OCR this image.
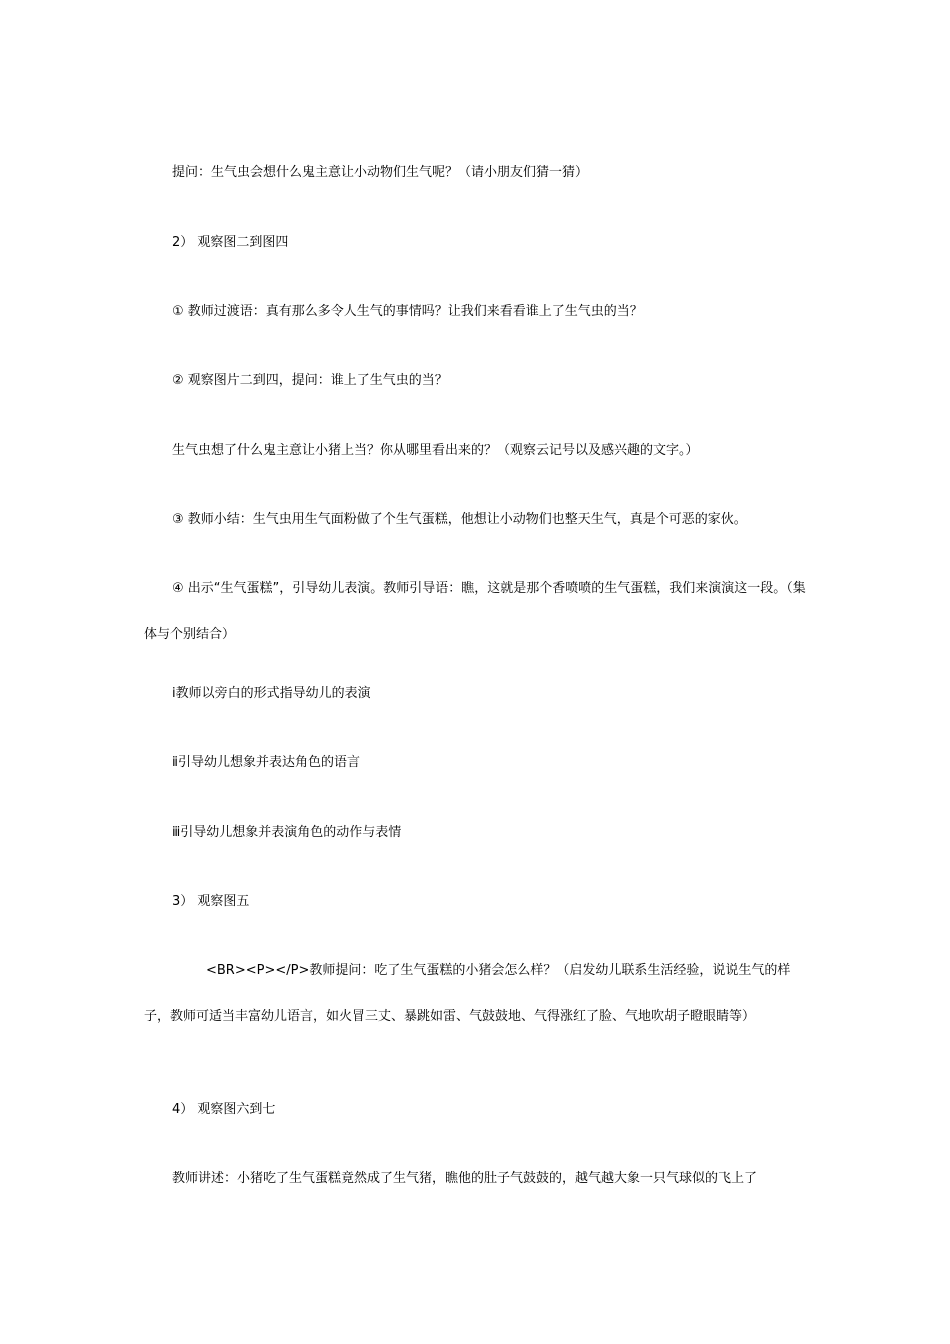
提问：生气虫会想什么鬼主意让小动物们生气呢？（请小朋友们猜一猜）
2） 观察图二到图四
① 教师过渡语：真有那么多令人生气的事情吗？让我们来看看谁上了生气虫的当？
② 观察图片二到四，提问：谁上了生气虫的当？
生气虫想了什么鬼主意让小猪上当？你从哪里看出来的？（观察云记号以及感兴趣的文字。）
③ 教师小结：生气虫用生气面粉做了个生气蛋糕，他想让小动物们也整天生气，真是个可恶的家伙。
④ 出示“生气蛋糕”，引导幼儿表演。教师引导语：瞧，这就是那个香喷喷的生气蛋糕，我们来演演这一段。（集体与个别结合）
ⅰ教师以旁白的形式指导幼儿的表演
ⅱ引导幼儿想象并表达角色的语言
ⅲ引导幼儿想象并表演角色的动作与表情
3） 观察图五
<BR><P></P>教师提问：吃了生气蛋糕的小猪会怎么样？（启发幼儿联系生活经验，说说生气的样子，教师可适当丰富幼儿语言，如火冒三丈、暴跳如雷、气鼓鼓地、气得涨红了脸、气地吹胡子瞪眼睛等）
4） 观察图六到七
教师讲述：小猪吃了生气蛋糕竟然成了生气猪，瞧他的肚子气鼓鼓的，越气越大象一只气球似的飞上了
